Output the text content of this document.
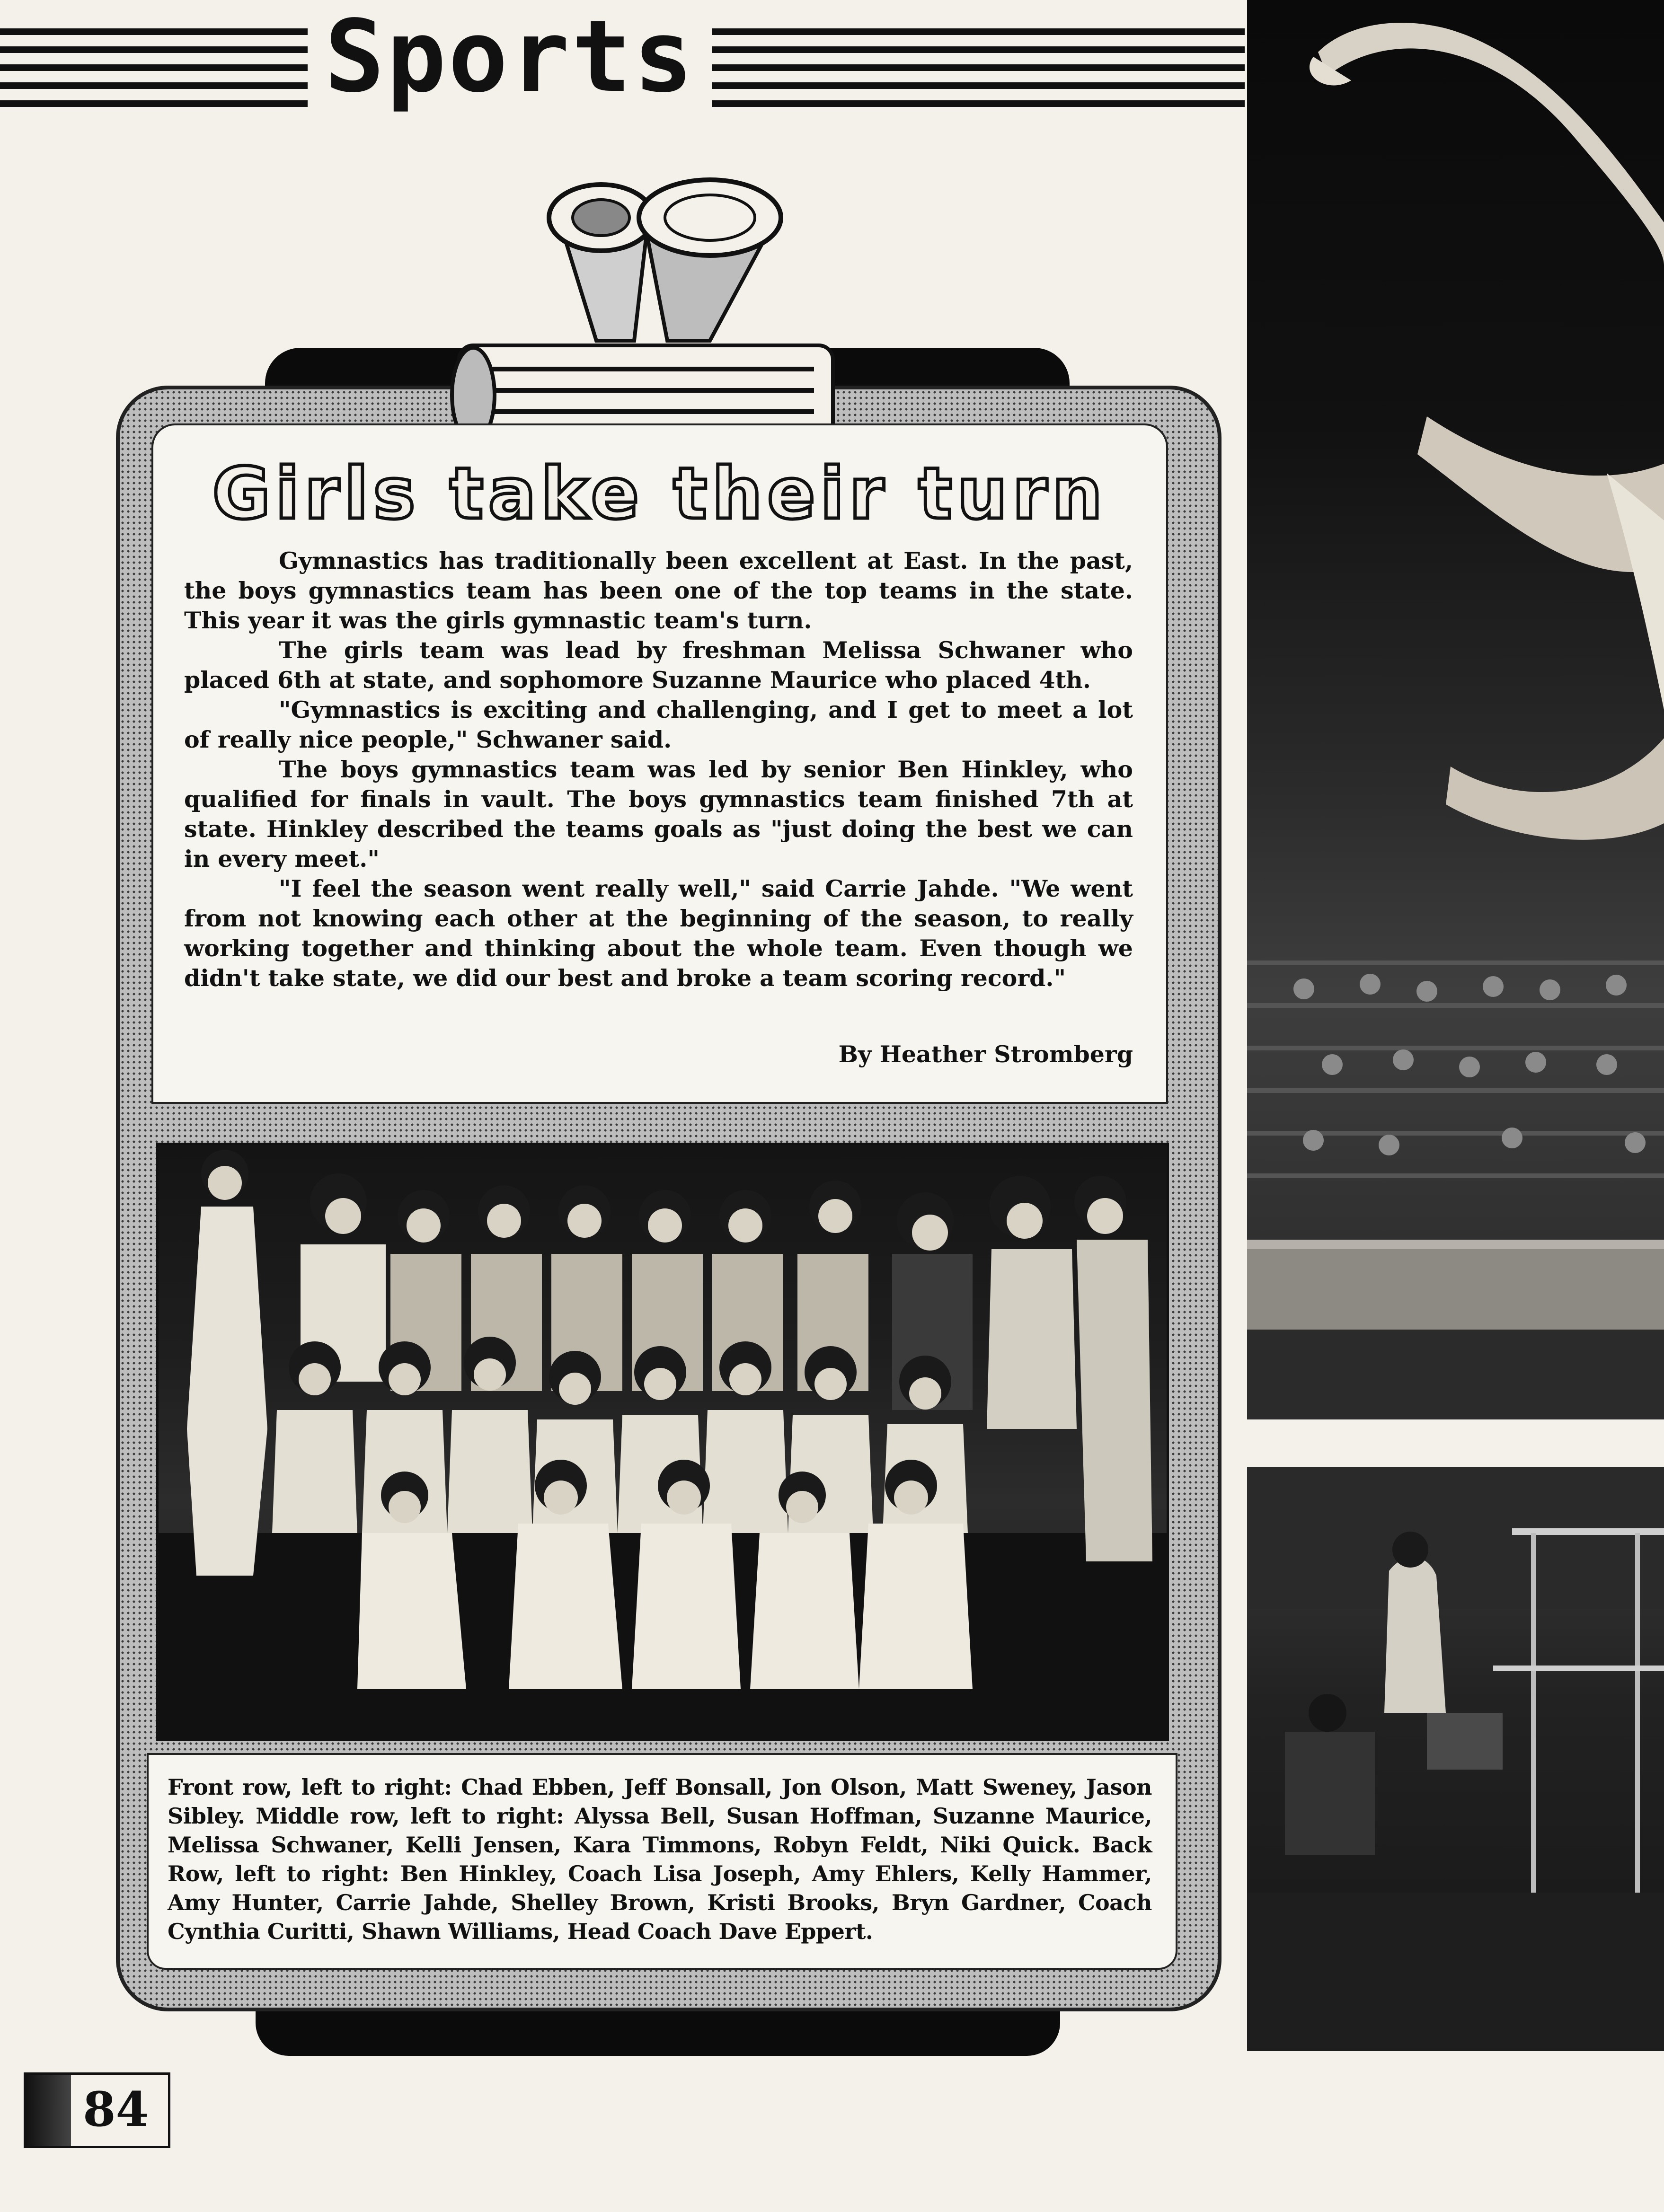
Sports
Girls take their turn

Gymnastics has traditionally been excellent at East. In the past, the boys gymnastics team has been one of the top teams in the state. This year it was the girls gymnastic team's turn.

The girls team was lead by freshman Melissa Schwaner who placed 6th at state, and sophomore Suzanne Maurice who placed 4th.

"Gymnastics is exciting and challenging, and I get to meet a lot of really nice people," Schwaner said.

The boys gymnastics team was led by senior Ben Hinkley, who qualified for finals in vault. The boys gymnastics team finished 7th at state. Hinkley described the teams goals as "just doing the best we can in every meet."

"I feel the season went really well," said Carrie Jahde. "We went from not knowing each other at the beginning of the season, to really working together and thinking about the whole team. Even though we didn't take state, we did our best and broke a team scoring record."

By Heather Stromberg
Front row, left to right: Chad Ebben, Jeff Bonsall, Jon Olson, Matt Sweney, Jason Sibley. Middle row, left to right: Alyssa Bell, Susan Hoffman, Suzanne Maurice, Melissa Schwaner, Kelli Jensen, Kara Timmons, Robyn Feldt, Niki Quick. Back Row, left to right: Ben Hinkley, Coach Lisa Joseph, Amy Ehlers, Kelly Hammer, Amy Hunter, Carrie Jahde, Shelley Brown, Kristi Brooks, Bryn Gardner, Coach Cynthia Curitti, Shawn Williams, Head Coach Dave Eppert.
84
